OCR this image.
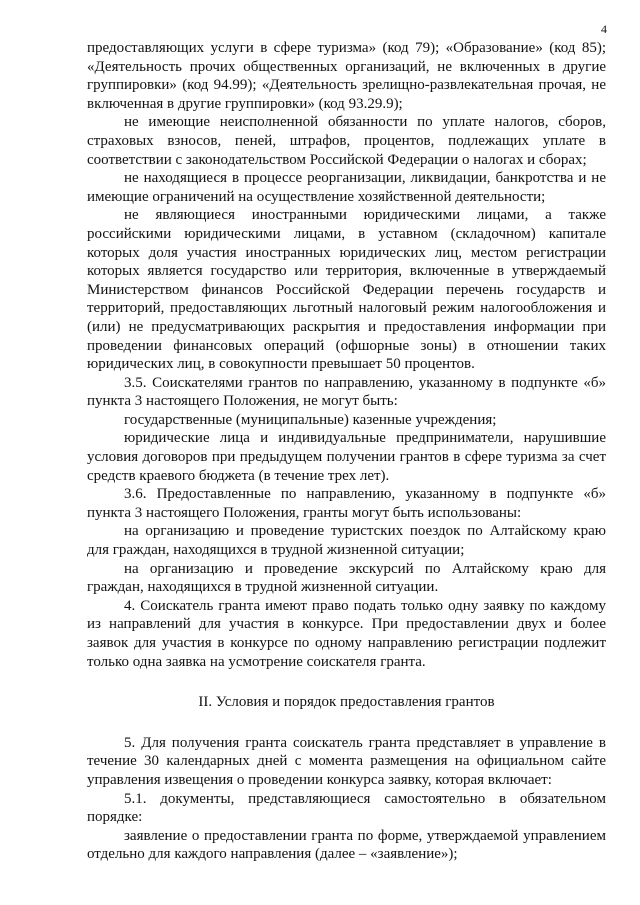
4

предоставляющих услуги в сфере туризма» (код 79); «Образование» (код 85); «Деятельность прочих общественных организаций, не включенных в другие группировки» (код 94.99); «Деятельность зрелищно-развлекательная прочая, не включенная в другие группировки» (код 93.29.9);

не имеющие неисполненной обязанности по уплате налогов, сборов, страховых взносов, пеней, штрафов, процентов, подлежащих уплате в соответствии с законодательством Российской Федерации о налогах и сборах;

не находящиеся в процессе реорганизации, ликвидации, банкротства и не имеющие ограничений на осуществление хозяйственной деятельности;

не являющиеся иностранными юридическими лицами, а также российскими юридическими лицами, в уставном (складочном) капитале которых доля участия иностранных юридических лиц, местом регистрации которых является государство или территория, включенные в утверждаемый Министерством финансов Российской Федерации перечень государств и территорий, предоставляющих льготный налоговый режим налогообложения и (или) не предусматривающих раскрытия и предоставления информации при проведении финансовых операций (офшорные зоны) в отношении таких юридических лиц, в совокупности превышает 50 процентов.

3.5. Соискателями грантов по направлению, указанному в подпункте «б» пункта 3 настоящего Положения, не могут быть:

государственные (муниципальные) казенные учреждения;

юридические лица и индивидуальные предприниматели, нарушившие условия договоров при предыдущем получении грантов в сфере туризма за счет средств краевого бюджета (в течение трех лет).

3.6. Предоставленные по направлению, указанному в подпункте «б» пункта 3 настоящего Положения, гранты могут быть использованы:

на организацию и проведение туристских поездок по Алтайскому краю для граждан, находящихся в трудной жизненной ситуации;

на организацию и проведение экскурсий по Алтайскому краю для граждан, находящихся в трудной жизненной ситуации.

4. Соискатель гранта имеют право подать только одну заявку по каждому из направлений для участия в конкурсе. При предоставлении двух и более заявок для участия в конкурсе по одному направлению регистрации подлежит только одна заявка на усмотрение соискателя гранта.

II. Условия и порядок предоставления грантов

5. Для получения гранта соискатель гранта представляет в управление в течение 30 календарных дней с момента размещения на официальном сайте управления извещения о проведении конкурса заявку, которая включает:

5.1. документы, представляющиеся самостоятельно в обязательном порядке:

заявление о предоставлении гранта по форме, утверждаемой управлением отдельно для каждого направления (далее – «заявление»);
